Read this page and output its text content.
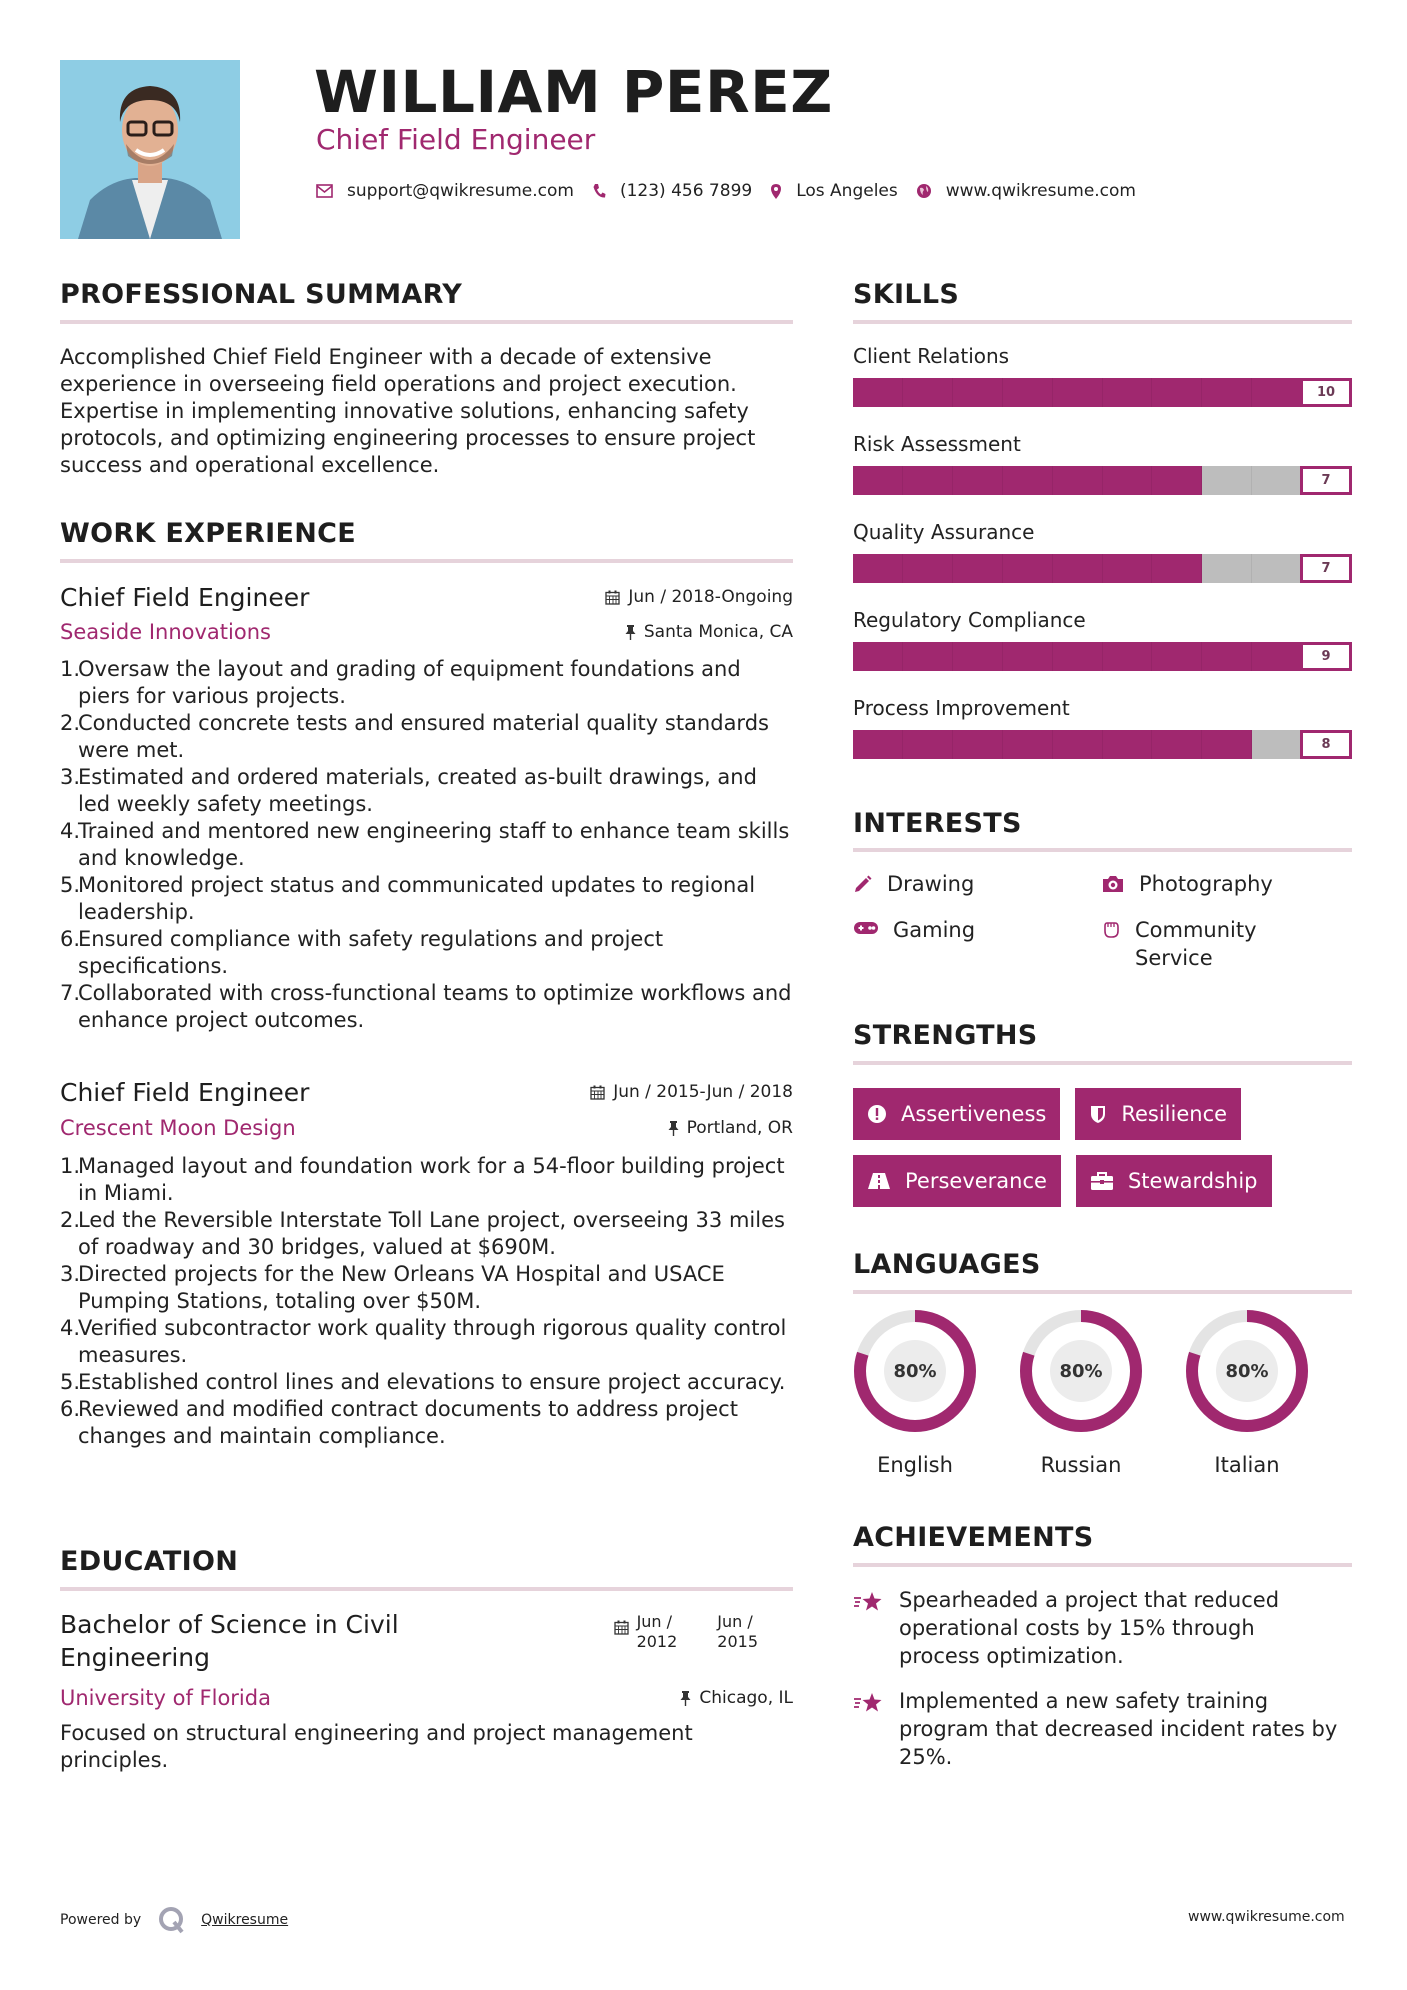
WILLIAM PEREZ
Chief Field Engineer
support@qwikresume.com	(123) 456 7899	Los Angeles	www.qwikresume.com
PROFESSIONAL SUMMARY
Accomplished Chief Field Engineer with a decade of extensive experience in overseeing field operations and project execution. Expertise in implementing innovative solutions, enhancing safety protocols, and optimizing engineering processes to ensure project success and operational excellence.
WORK EXPERIENCE
Chief Field Engineer	Jun / 2018-Ongoing
Seaside Innovations	Santa Monica, CA
Oversaw the layout and grading of equipment foundations and piers for various projects.
Conducted concrete tests and ensured material quality standards were met.
Estimated and ordered materials, created as-built drawings, and led weekly safety meetings.
Trained and mentored new engineering staff to enhance team skills and knowledge.
Monitored project status and communicated updates to regional leadership.
Ensured compliance with safety regulations and project specifications.
Collaborated with cross-functional teams to optimize workflows and enhance project outcomes.
Chief Field Engineer	Jun / 2015-Jun / 2018
Crescent Moon Design	Portland, OR
Managed layout and foundation work for a 54-floor building project in Miami.
Led the Reversible Interstate Toll Lane project, overseeing 33 miles of roadway and 30 bridges, valued at $690M.
Directed projects for the New Orleans VA Hospital and USACE Pumping Stations, totaling over $50M.
Verified subcontractor work quality through rigorous quality control measures.
Established control lines and elevations to ensure project accuracy.
Reviewed and modified contract documents to address project changes and maintain compliance.
EDUCATION
Bachelor of Science in Civil Engineering
Jun /
2012
Jun /
2015
University of Florida	Chicago, IL
Focused on structural engineering and project management principles.
SKILLS
Client Relations
10
Risk Assessment
7
Quality Assurance
7
Regulatory Compliance
9
Process Improvement
8
INTERESTS
Drawing	Photography
Gaming	Community Service
STRENGTHS
Assertiveness	Resilience
Perseverance	Stewardship
LANGUAGES
80%
English
80%
Russian
80%
Italian
ACHIEVEMENTS
Spearheaded a project that reduced operational costs by 15% through process optimization.
Implemented a new safety training program that decreased incident rates by 25%.
Powered by	Qwikresume	www.qwikresume.com
